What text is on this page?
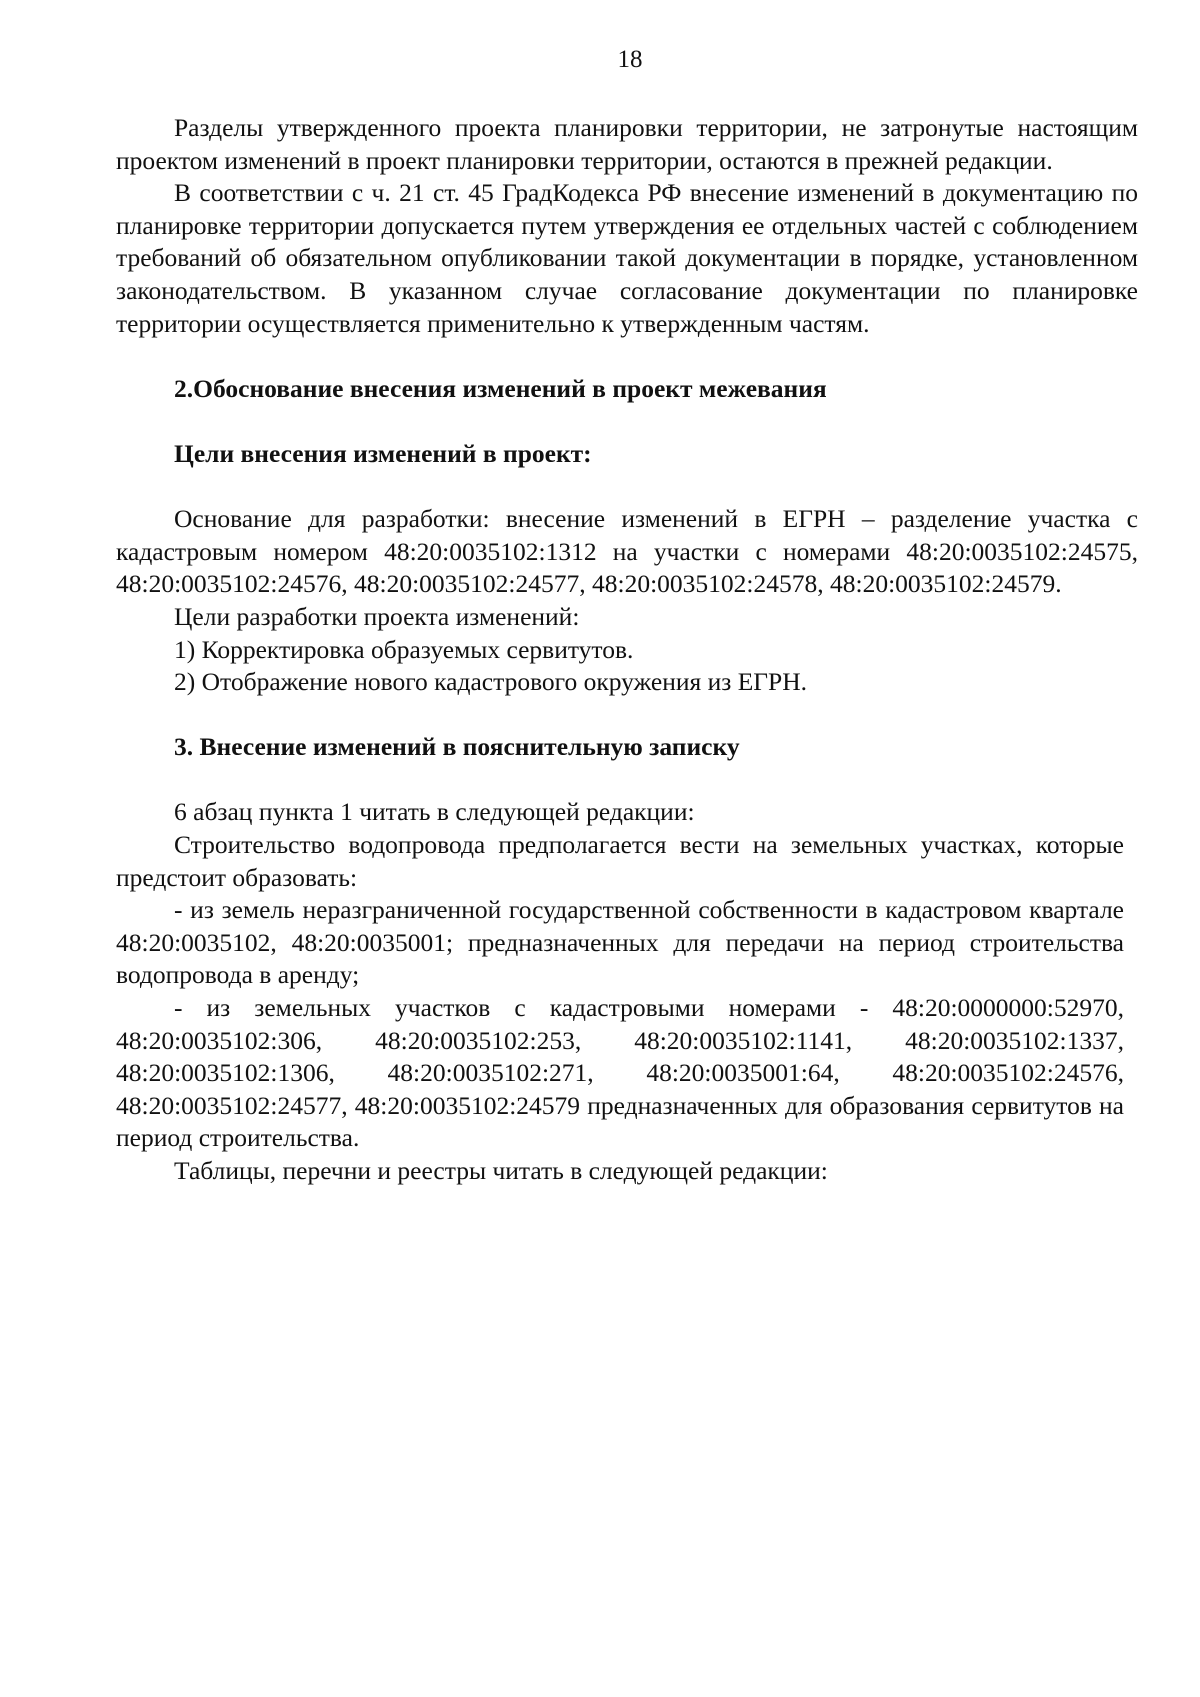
18

Разделы утвержденного проекта планировки территории, не затронутые настоящим проектом изменений в проект планировки территории, остаются в прежней редакции.

В соответствии с ч. 21 ст. 45 ГрадКодекса РФ внесение изменений в документацию по планировке территории допускается путем утверждения ее отдельных частей с соблюдением требований об обязательном опубликовании такой документации в порядке, установленном законодательством. В указанном случае согласование документации по планировке территории осуществляется применительно к утвержденным частям.

2.Обоснование внесения изменений в проект межевания
Цели внесения изменений в проект:

Основание для разработки: внесение изменений в ЕГРН – разделение участка с кадастровым номером 48:20:0035102:1312 на участки с номерами 48:20:0035102:24575, 48:20:0035102:24576, 48:20:0035102:24577, 48:20:0035102:24578, 48:20:0035102:24579.

Цели разработки проекта изменений:

1) Корректировка образуемых сервитутов.

2) Отображение нового кадастрового окружения из ЕГРН.

3. Внесение изменений в пояснительную записку

6 абзац пункта 1 читать в следующей редакции:

Строительство водопровода предполагается вести на земельных участках, которые предстоит образовать:

- из земель неразграниченной государственной собственности в кадастровом квартале 48:20:0035102, 48:20:0035001; предназначенных для передачи на период строительства водопровода в аренду;

- из земельных участков с кадастровыми номерами - 48:20:0000000:52970, 48:20:0035102:306, 48:20:0035102:253, 48:20:0035102:1141, 48:20:0035102:1337, 48:20:0035102:1306, 48:20:0035102:271, 48:20:0035001:64, 48:20:0035102:24576, 48:20:0035102:24577, 48:20:0035102:24579 предназначенных для образования сервитутов на период строительства.

Таблицы, перечни и реестры читать в следующей редакции:
